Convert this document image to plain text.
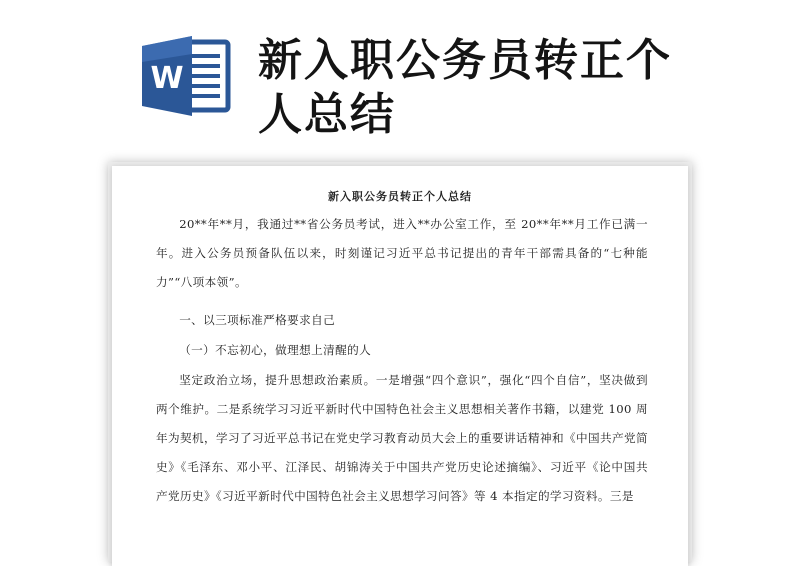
W 新入职公务员转正个人总结

新入职公务员转正个人总结

20**年**月，我通过**省公务员考试，进入**办公室工作，至 20**年**月工作已满一年。进入公务员预备队伍以来，时刻谨记习近平总书记提出的青年干部需具备的“七种能力”“八项本领”。

一、以三项标准严格要求自己

（一）不忘初心，做理想上清醒的人

坚定政治立场，提升思想政治素质。一是增强“四个意识”，强化“四个自信”，坚决做到两个维护。二是系统学习习近平新时代中国特色社会主义思想相关著作书籍，以建党 100 周年为契机，学习了习近平总书记在党史学习教育动员大会上的重要讲话精神和《中国共产党简史》《毛泽东、邓小平、江泽民、胡锦涛关于中国共产党历史论述摘编》、习近平《论中国共产党历史》《习近平新时代中国特色社会主义思想学习问答》等 4 本指定的学习资料。三是
